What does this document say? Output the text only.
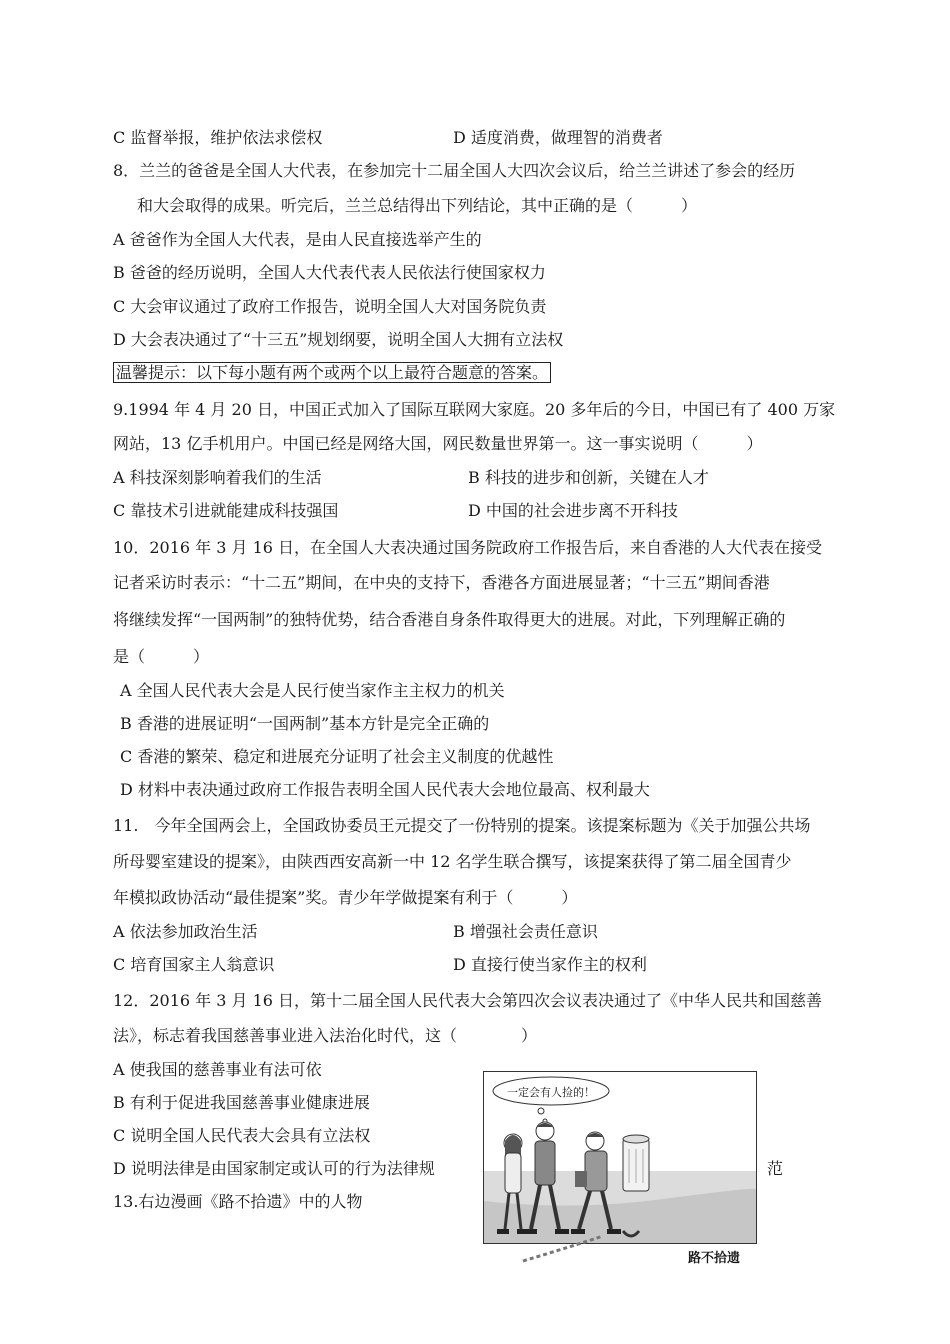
C 监督举报，维护依法求偿权	D 适度消费，做理智的消费者
8．兰兰的爸爸是全国人大代表，在参加完十二届全国人大四次会议后，给兰兰讲述了参会的经历
和大会取得的成果。听完后，兰兰总结得出下列结论，其中正确的是（　　　）
A 爸爸作为全国人大代表，是由人民直接选举产生的
B 爸爸的经历说明，全国人大代表代表人民依法行使国家权力
C 大会审议通过了政府工作报告，说明全国人大对国务院负责
D 大会表决通过了“十三五”规划纲要，说明全国人大拥有立法权
温馨提示：以下每小题有两个或两个以上最符合题意的答案。
9.1994 年 4 月 20 日，中国正式加入了国际互联网大家庭。20 多年后的今日，中国已有了 400 万家
网站，13 亿手机用户。中国已经是网络大国，网民数量世界第一。这一事实说明（　　　）
A 科技深刻影响着我们的生活	B 科技的进步和创新，关键在人才
C 靠技术引进就能建成科技强国	D 中国的社会进步离不开科技
10．2016 年 3 月 16 日，在全国人大表决通过国务院政府工作报告后，来自香港的人大代表在接受
记者采访时表示：“十二五”期间，在中央的支持下，香港各方面进展显著；“十三五”期间香港
将继续发挥“一国两制”的独特优势，结合香港自身条件取得更大的进展。对此，下列理解正确的
是（　　　）
A 全国人民代表大会是人民行使当家作主主权力的机关
B 香港的进展证明“一国两制”基本方针是完全正确的
C 香港的繁荣、稳定和进展充分证明了社会主义制度的优越性
D 材料中表决通过政府工作报告表明全国人民代表大会地位最高、权利最大
11.　今年全国两会上，全国政协委员王元提交了一份特别的提案。该提案标题为《关于加强公共场
所母婴室建设的提案》，由陕西西安高新一中 12 名学生联合撰写，该提案获得了第二届全国青少
年模拟政协活动“最佳提案”奖。青少年学做提案有利于（　　　）
A 依法参加政治生活	B 增强社会责任意识
C 培育国家主人翁意识	D 直接行使当家作主的权利
12．2016 年 3 月 16 日，第十二届全国人民代表大会第四次会议表决通过了《中华人民共和国慈善
法》，标志着我国慈善事业进入法治化时代，这（　　　　）
A 使我国的慈善事业有法可依
B 有利于促进我国慈善事业健康进展
C 说明全国人民代表大会具有立法权
D 说明法律是由国家制定或认可的行为法律规	范
13.右边漫画《路不拾遗》中的人物
一定会有人捡的！
路不拾遗
